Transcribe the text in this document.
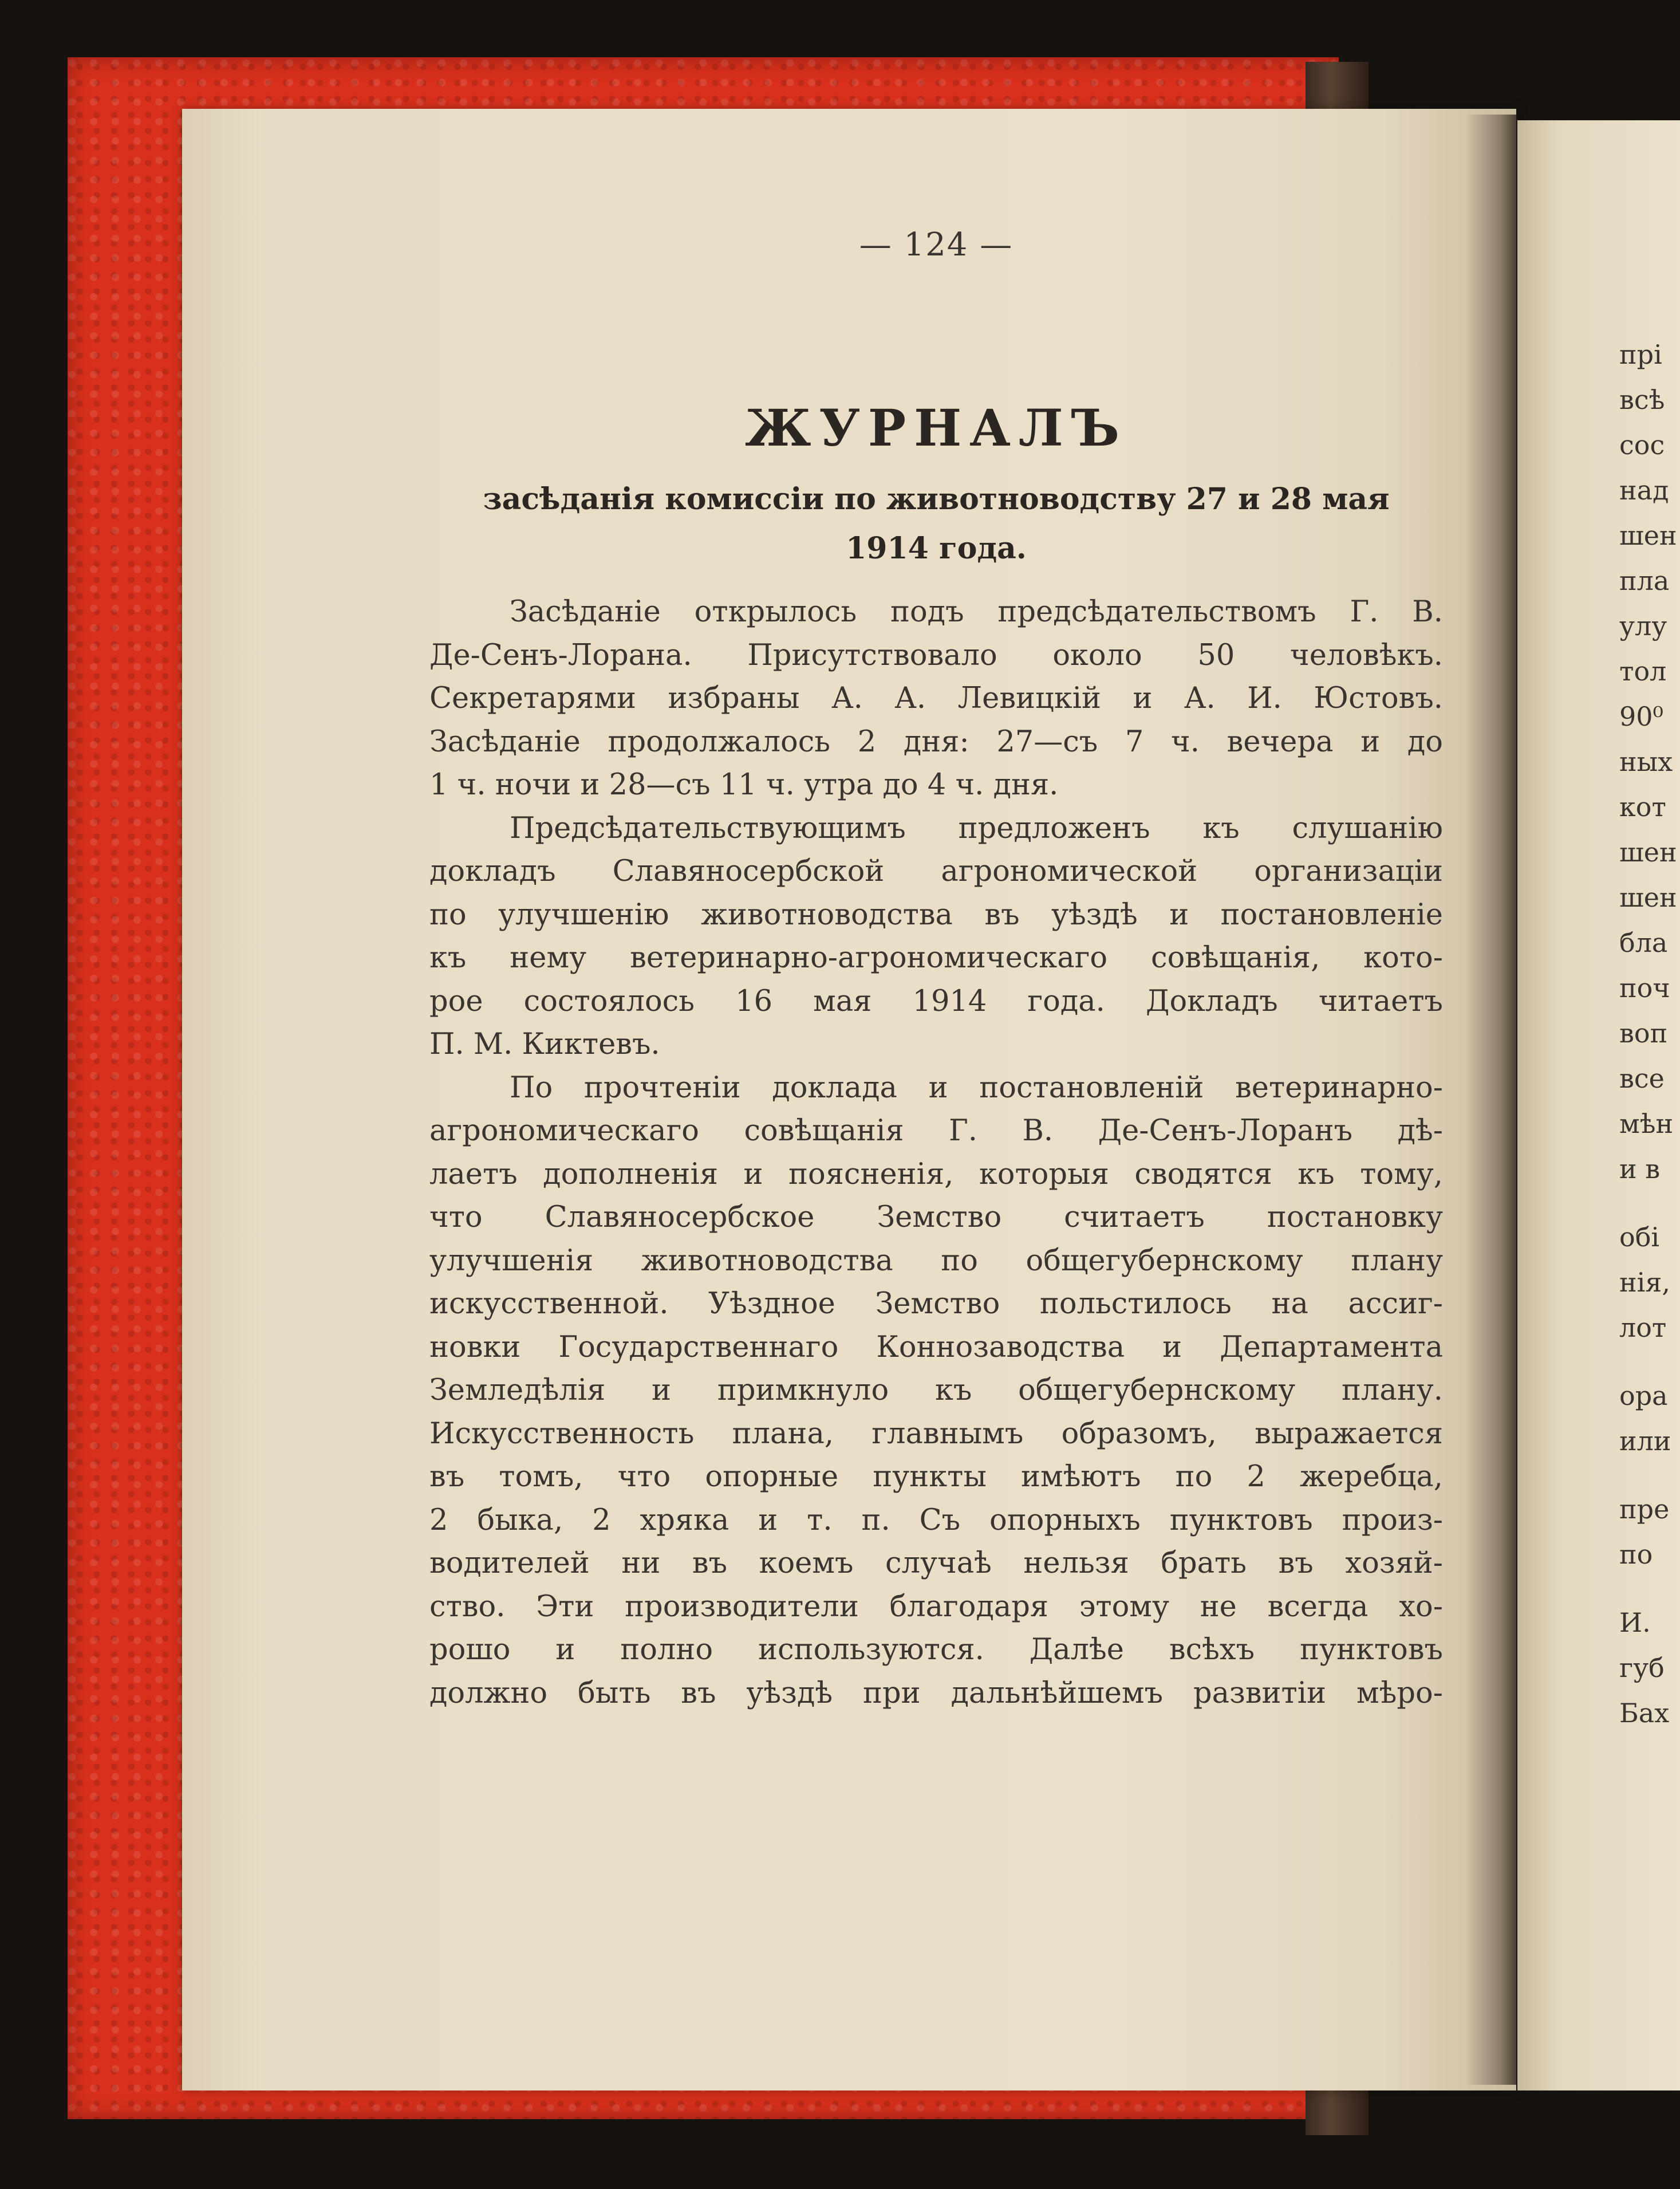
— 124 —
ЖУРНАЛЪ
засѣданія комиссіи по животноводству 27 и 28 мая
1914 года.

Засѣданіе открылось подъ предсѣдательствомъ Г. В.

Де-Сенъ-Лорана. Присутствовало около 50 человѣкъ.

Секретарями избраны А. А. Левицкій и А. И. Юстовъ.

Засѣданіе продолжалось 2 дня: 27—съ 7 ч. вечера и до

1 ч. ночи и 28—съ 11 ч. утра до 4 ч. дня.

Предсѣдательствующимъ предложенъ къ слушанію

докладъ Славяносербской агрономической организаціи

по улучшенію животноводства въ уѣздѣ и постановленіе

къ нему ветеринарно-агрономическаго совѣщанія, кото-

рое состоялось 16 мая 1914 года. Докладъ читаетъ

П. М. Киктевъ.

По прочтеніи доклада и постановленій ветеринарно-

агрономическаго совѣщанія Г. В. Де-Сенъ-Лоранъ дѣ-

лаетъ дополненія и поясненія, которыя сводятся къ тому,

что Славяносербское Земство считаетъ постановку

улучшенія животноводства по общегубернскому плану

искусственной. Уѣздное Земство польстилось на ассиг-

новки Государственнаго Коннозаводства и Департамента

Земледѣлія и примкнуло къ общегубернскому плану.

Искусственность плана, главнымъ образомъ, выражается

въ томъ, что опорные пункты имѣютъ по 2 жеребца,

2 быка, 2 хряка и т. п. Съ опорныхъ пунктовъ произ-

водителей ни въ коемъ случаѣ нельзя брать въ хозяй-

ство. Эти производители благодаря этому не всегда хо-

рошо и полно используются. Далѣе всѣхъ пунктовъ

должно быть въ уѣздѣ при дальнѣйшемъ развитіи мѣро-

прі
всѣ
сос
над
шен
пла
улу
тол
90⁰
ных
кот
шен
шен
бла
поч
воп
все
мѣн
и в
обі
нія,
лот
ора
или
пре
по
И.
губ
Бах
